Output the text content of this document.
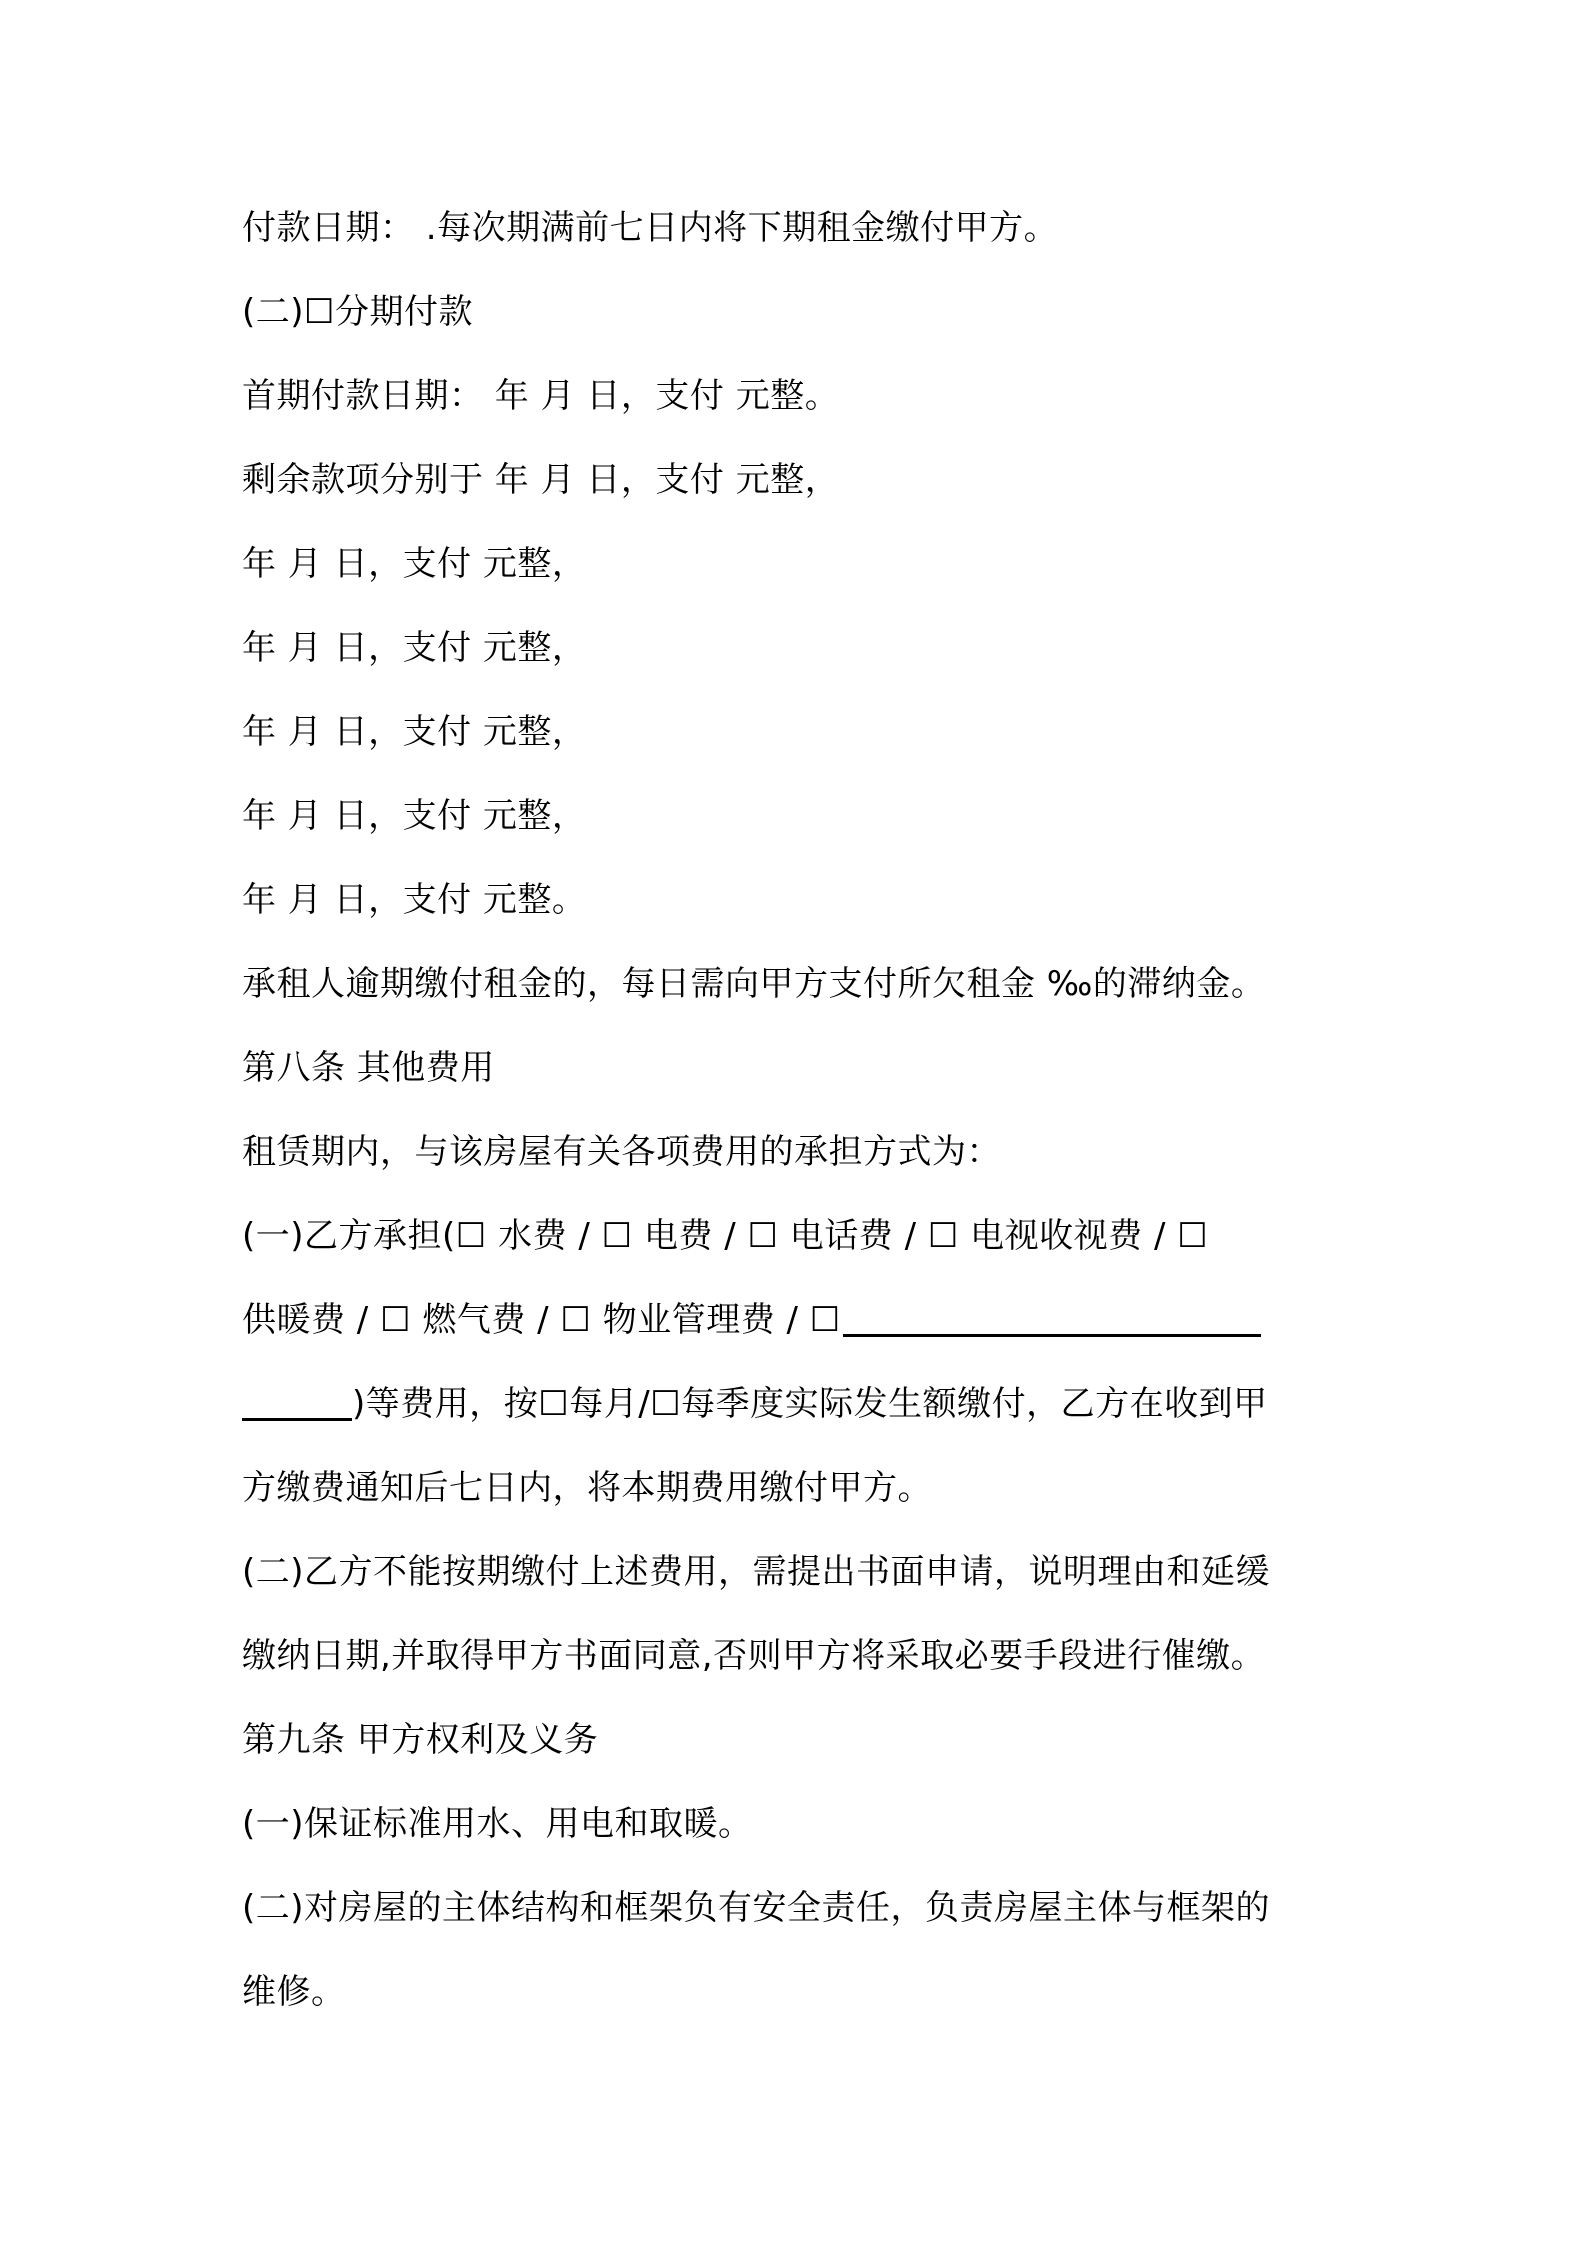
付款日期： .每次期满前七日内将下期租金缴付甲方。
(二)☐分期付款
首期付款日期： 年 月 日，支付 元整。
剩余款项分别于 年 月 日，支付 元整，
年 月 日，支付 元整，
年 月 日，支付 元整，
年 月 日，支付 元整，
年 月 日，支付 元整，
年 月 日，支付 元整。
承租人逾期缴付租金的，每日需向甲方支付所欠租金 ‰的滞纳金。
第八条 其他费用
租赁期内，与该房屋有关各项费用的承担方式为：
(一)乙方承担(☐ 水费 / ☐ 电费 / ☐ 电话费 / ☐ 电视收视费 / ☐
供暖费 / ☐ 燃气费 / ☐ 物业管理费 / ☐
)等费用，按☐每月/☐每季度实际发生额缴付，乙方在收到甲
方缴费通知后七日内，将本期费用缴付甲方。
(二)乙方不能按期缴付上述费用，需提出书面申请，说明理由和延缓
缴纳日期,并取得甲方书面同意,否则甲方将采取必要手段进行催缴。
第九条 甲方权利及义务
(一)保证标准用水、用电和取暖。
(二)对房屋的主体结构和框架负有安全责任，负责房屋主体与框架的
维修。
